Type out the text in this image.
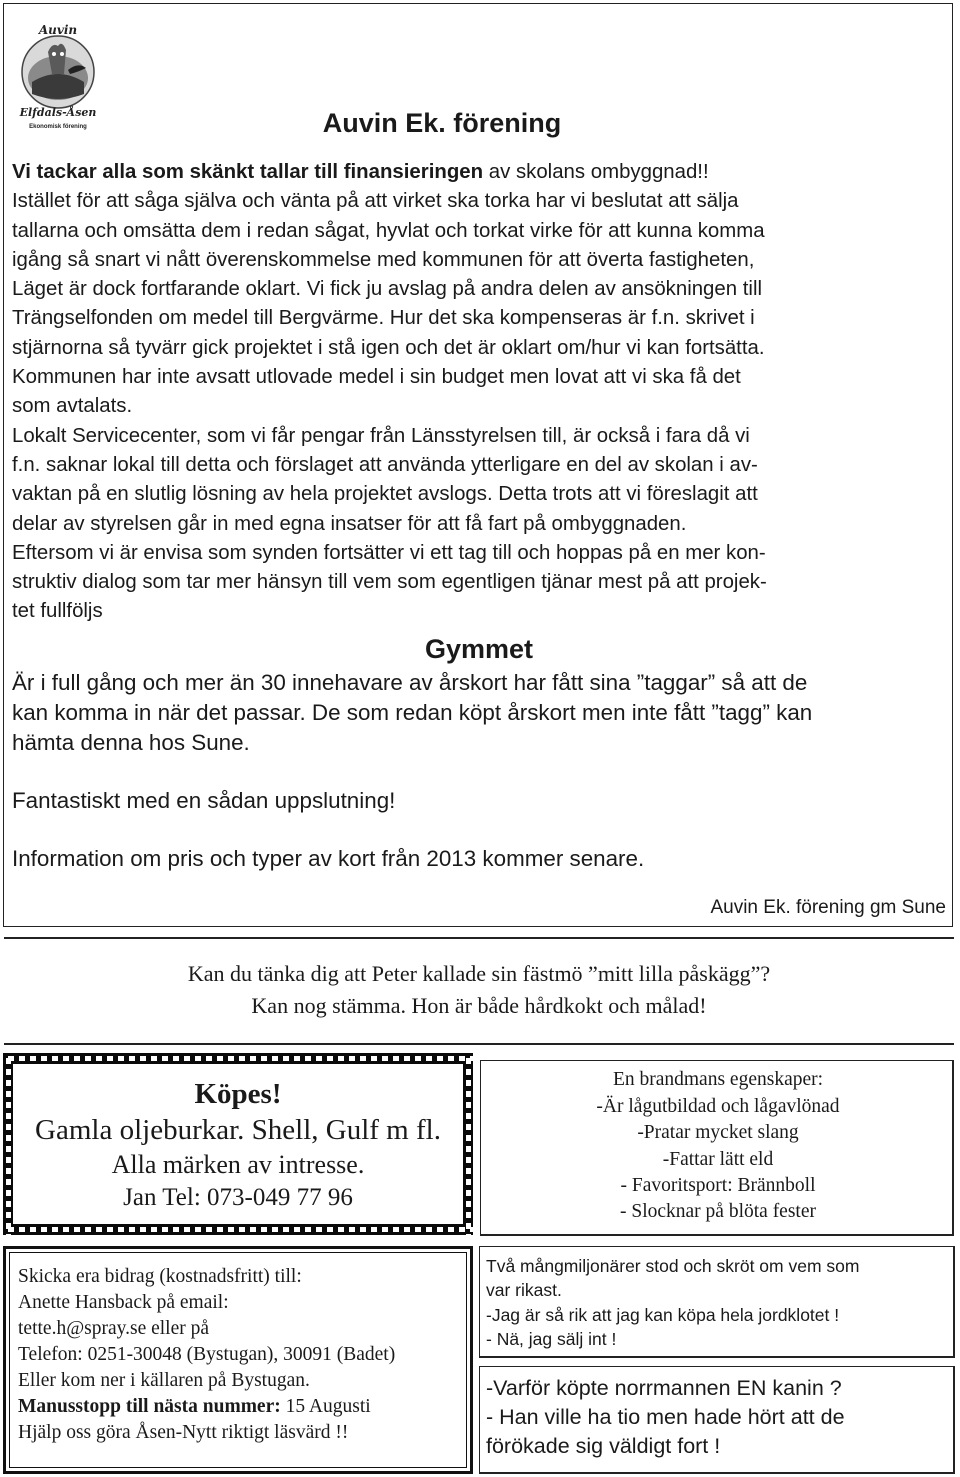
Auvin
Elfdals-Åsen
Ekonomisk förening	Auvin Ek. förening

Vi tackar alla som skänkt tallar till finansieringen av skolans ombyggnad!!

Istället för att såga själva och vänta på att virket ska torka har vi beslutat att sälja

tallarna och omsätta dem i redan sågat, hyvlat och torkat virke för att kunna komma

igång så snart vi nått överenskommelse med kommunen för att överta fastigheten,

Läget är dock fortfarande oklart. Vi fick ju avslag på andra delen av ansökningen till

Trängselfonden om medel till Bergvärme. Hur det ska kompenseras är f.n. skrivet i

stjärnorna så tyvärr gick projektet i stå igen och det är oklart om/hur vi kan fortsätta.

Kommunen har inte avsatt utlovade medel i sin budget men lovat att vi ska få det

som avtalats.

Lokalt Servicecenter, som vi får pengar från Länsstyrelsen till, är också i fara då vi

f.n. saknar lokal till detta och förslaget att använda ytterligare en del av skolan i av-

vaktan på en slutlig lösning av hela projektet avslogs. Detta trots att vi föreslagit att

delar av styrelsen går in med egna insatser för att få fart på ombyggnaden.

Eftersom vi är envisa som synden fortsätter vi ett tag till och hoppas på en mer kon-

struktiv dialog som tar mer hänsyn till vem som egentligen tjänar mest på att projek-

tet fullföljs

Gymmet

Är i full gång och mer än 30 innehavare av årskort har fått sina ”taggar” så att de

kan komma in när det passar. De som redan köpt årskort men inte fått ”tagg” kan

hämta denna hos Sune.

Fantastiskt med en sådan uppslutning!

Information om pris och typer av kort från 2013 kommer senare.

Auvin Ek. förening gm Sune
Kan du tänka dig att Peter kallade sin fästmö ”mitt lilla påskägg”?
Kan nog stämma. Hon är både hårdkokt och målad!
Köpes!
Gamla oljeburkar. Shell, Gulf m fl.
Alla märken av intresse.
Jan Tel: 073-049 77 96
En brandmans egenskaper:
-Är lågutbildad och lågavlönad
-Pratar mycket slang
-Fattar lätt eld
- Favoritsport: Brännboll
- Slocknar på blöta fester
Skicka era bidrag (kostnadsfritt) till:
Anette Hansback på email:
tette.h@spray.se eller på
Telefon: 0251-30048 (Bystugan), 30091 (Badet)
Eller kom ner i källaren på Bystugan.
Manusstopp till nästa nummer: 15 Augusti
Hjälp oss göra Åsen-Nytt riktigt läsvärd !!
Två mångmiljonärer stod och skröt om vem som
var rikast.
-Jag är så rik att jag kan köpa hela jordklotet !
- Nä, jag sälj int !
-Varför köpte norrmannen EN kanin ?
- Han ville ha tio men hade hört att de
förökade sig väldigt fort !
